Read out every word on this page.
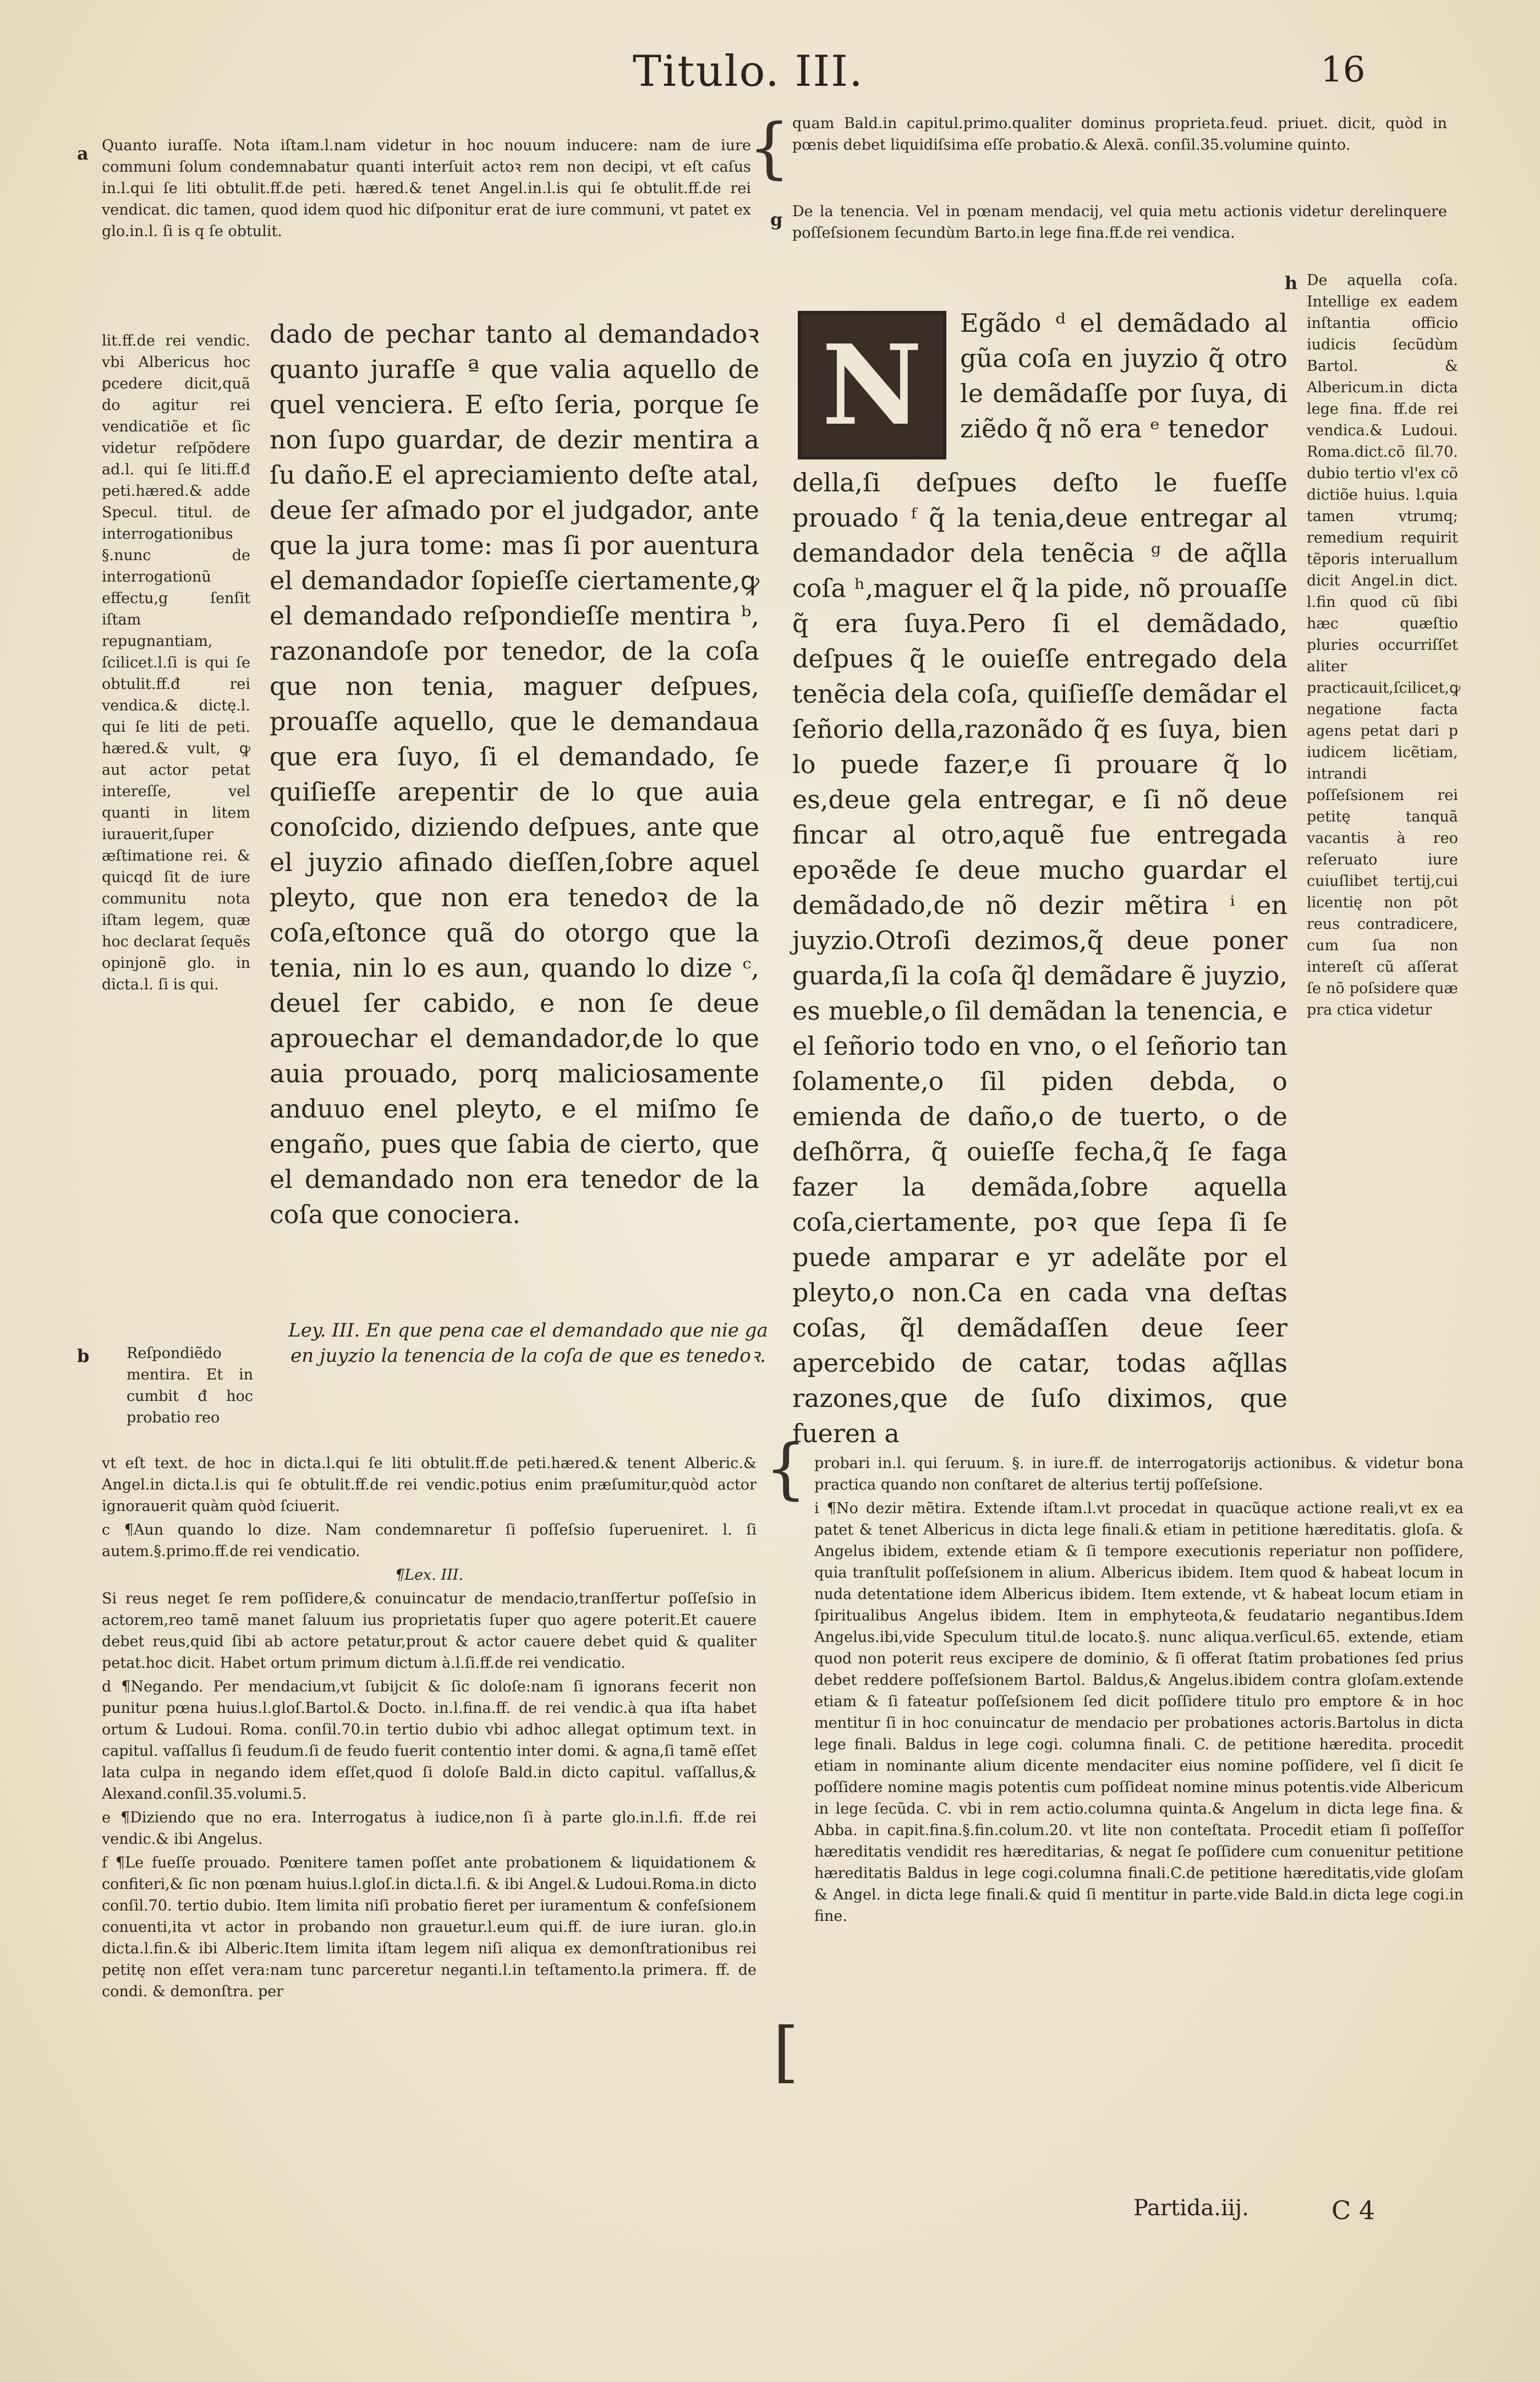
Titulo. III.	16
a Quanto iuraſſe. Nota iſtam.l.nam videtur in hoc nouum inducere: nam de iure communi ſolum condemnabatur quanti interſuit actoꝛ rem non decipi, vt eſt caſus in.l.qui ſe liti obtulit.ff.de peti. hæred.& tenet Angel.in.l.is qui ſe obtulit.ff.de rei vendicat. dic tamen, quod idem quod hic diſponitur erat de iure communi, vt patet ex glo.in.l. ſi is q ſe obtulit.
quam Bald.in capitul.primo.qualiter dominus proprieta.feud. priuet. dicit, quòd in pœnis debet liquidiſsima eſſe probatio.& Alexã. conſil.35.volumine quinto.
g De la tenencia. Vel in pœnam mendacij, vel quia metu actionis videtur derelinquere poſſeſsionem ſecundùm Barto.in lege fina.ff.de rei vendica.
lit.ff.de rei vendic. vbi Albericus hoc ꝑcedere dicit,quã do agitur rei vendicatiõe et ſic videtur reſpõdere ad.l. qui ſe liti.ff.đ peti.hæred.& adde Specul. titul. de interrogationibus §.nunc de interrogationũ effectu,g ſenſit iſtam repugnantiam, ſcilicet.l.ſi is qui ſe obtulit.ff.đ rei vendica.& dictę.l. qui ſe liti de peti. hæred.& vult, ꝙ aut actor petat intereſſe, vel quanti in litem iurauerit,ſuper æſtimatione rei. & quicqd ſit de iure communitu nota iſtam legem, quæ hoc declarat ſequẽs opinjonẽ glo. in dicta.l. ſi is qui.
b	Reſpondiẽdo mentira. Et in cumbit đ hoc probatio reo
dado de pechar tanto al demandadoꝛ quanto jurafſe ª que valia aquello de quel venciera. E eſto ſeria, porque ſe non ſupo guardar, de dezir mentira a ſu daño.E el apreciamiento deſte atal, deue ſer aſmado por el judgador, ante que la jura tome: mas ſi por auentura el demandador ſopieſſe ciertamente,ꝙ el demandado reſpondieſſe mentira ᵇ, razonandoſe por tenedor, de la coſa que non tenia, maguer deſpues, prouaſſe aquello, que le demandaua que era ſuyo, ſi el demandado, ſe quiſieſſe arepentir de lo que auia conoſcido, diziendo deſpues, ante que el juyzio afinado dieſſen,ſobre aquel pleyto, que non era tenedoꝛ de la coſa,eſtonce quã do otorgo que la tenia, nin lo es aun, quando lo dize ᶜ, deuel ſer cabido, e non ſe deue aprouechar el demandador,de lo que auia prouado, porq maliciosamente anduuo enel pleyto, e el miſmo ſe engaño, pues que ſabia de cierto, que el demandado non era tenedor de la coſa que conociera.
Ley. III. En que pena cae el demandado que nie ga en juyzio la tenencia de la coſa de que es tenedoꝛ.
N	Egãdo ᵈ el demãdado al gũa coſa en juyzio q̃ otro le demãdaſſe por ſuya, di ziẽdo q̃ nõ era ᵉ tenedor
della,ſi deſpues deſto le fueſſe prouado ᶠ q̃ la tenia,deue entregar al demandador dela tenẽcia ᵍ de aq̃lla coſa ʰ,maguer el q̃ la pide, nõ prouaſſe q̃ era ſuya.Pero ſi el demãdado, deſpues q̃ le ouieſſe entregado dela tenẽcia dela coſa, quiſieſſe demãdar el ſeñorio della,razonãdo q̃ es ſuya, bien lo puede fazer,e ſi prouare q̃ lo es,deue gela entregar, e ſi nõ deue fincar al otro,aquẽ fue entregada epoꝛẽde ſe deue mucho guardar el demãdado,de nõ dezir mẽtira ⁱ en juyzio.Otroſi dezimos,q̃ deue poner guarda,ſi la coſa q̃l demãdare ẽ juyzio, es mueble,o ſil demãdan la tenencia, e el ſeñorio todo en vno, o el ſeñorio tan ſolamente,o ſil piden debda, o emienda de daño,o de tuerto, o de deſhõrra, q̃ ouieſſe fecha,q̃ ſe faga fazer la demãda,ſobre aquella coſa,ciertamente, poꝛ que ſepa ſi ſe puede amparar e yr adelãte por el pleyto,o non.Ca en cada vna deſtas coſas, q̃l demãdaſſen deue ſeer apercebido de catar, todas aq̃llas razones,que de ſuſo diximos, que fueren a
h De aquella coſa. Intellige ex eadem inſtantia officio iudicis ſecũdùm Bartol. & Albericum.in dicta lege fina. ff.de rei vendica.& Ludoui. Roma.dict.cõ ſil.70. dubio tertio vl'ex cõ dictiõe huius. l.quia tamen vtrumq; remedium requirit tẽporis interuallum dicit Angel.in dict. l.fin quod cũ ſibi hæc quæſtio pluries occurriſſet aliter practicauit,ſcilicet,ꝙ negatione facta agens petat dari p iudicem licẽtiam, intrandi poſſeſsionem rei petitę tanquã vacantis à reo reſeruato iure cuiuſlibet tertij,cui licentię non põt reus contradicere, cum ſua non intereſt cũ aſſerat ſe nõ poſsidere quæ pra ctica videtur

vt eſt text. de hoc in dicta.l.qui ſe liti obtulit.ff.de peti.hæred.& tenent Alberic.& Angel.in dicta.l.is qui ſe obtulit.ff.de rei vendic.potius enim præſumitur,quòd actor ignorauerit quàm quòd ſciuerit.

c ¶Aun quando lo dize. Nam condemnaretur ſi poſſeſsio ſuperueniret. l. ſi autem.§.primo.ff.de rei vendicatio.

¶Lex. III.

Si reus neget ſe rem poſſidere,& conuincatur de mendacio,tranſfertur poſſeſsio in actorem,reo tamẽ manet ſaluum ius proprietatis ſuper quo agere poterit.Et cauere debet reus,quid ſibi ab actore petatur,prout & actor cauere debet quid & qualiter petat.hoc dicit. Habet ortum primum dictum à.l.ſi.ff.de rei vendicatio.

d ¶Negando. Per mendacium,vt ſubijcit & ſic doloſe:nam ſi ignorans fecerit non punitur pœna huius.l.gloſ.Bartol.& Docto. in.l.fina.ff. de rei vendic.à qua iſta habet ortum & Ludoui. Roma. conſil.70.in tertio dubio vbi adhoc allegat optimum text. in capitul. vaſſallus ſi feudum.ſi de feudo fuerit contentio inter domi. & agna,ſi tamẽ eſſet lata culpa in negando idem eſſet,quod ſi doloſe Bald.in dicto capitul. vaſſallus,& Alexand.conſil.35.volumi.5.

e ¶Diziendo que no era. Interrogatus à iudice,non ſi à parte glo.in.l.fi. ff.de rei vendic.& ibi Angelus.

f ¶Le fueſſe prouado. Pœnitere tamen poſſet ante probationem & liquidationem & confiteri,& ſic non pœnam huius.l.gloſ.in dicta.l.fi. & ibi Angel.& Ludoui.Roma.in dicto conſil.70. tertio dubio. Item limita niſi probatio fieret per iuramentum & confeſsionem conuenti,ita vt actor in probando non grauetur.l.eum qui.ff. de iure iuran. glo.in dicta.l.fin.& ibi Alberic.Item limita iſtam legem niſi aliqua ex demonſtrationibus rei petitę non eſſet vera:nam tunc parceretur neganti.l.in teſtamento.la primera. ff. de condi. & demonſtra. per

probari in.l. qui ſeruum. §. in iure.ff. de interrogatorijs actionibus. & videtur bona practica quando non conſtaret de alterius tertij poſſeſsione.

i ¶No dezir mẽtira. Extende iſtam.l.vt procedat in quacũque actione reali,vt ex ea patet & tenet Albericus in dicta lege finali.& etiam in petitione hæreditatis. gloſa. & Angelus ibidem, extende etiam & ſi tempore executionis reperiatur non poſſidere, quia tranſtulit poſſeſsionem in alium. Albericus ibidem. Item quod & habeat locum in nuda detentatione idem Albericus ibidem. Item extende, vt & habeat locum etiam in ſpiritualibus Angelus ibidem. Item in emphyteota,& feudatario negantibus.Idem Angelus.ibi,vide Speculum titul.de locato.§. nunc aliqua.verſicul.65. extende, etiam quod non poterit reus excipere de dominio, & ſi offerat ſtatim probationes ſed prius debet reddere poſſeſsionem Bartol. Baldus,& Angelus.ibidem contra gloſam.extende etiam & ſi fateatur poſſeſsionem ſed dicit poſſidere titulo pro emptore & in hoc mentitur ſi in hoc conuincatur de mendacio per probationes actoris.Bartolus in dicta lege finali. Baldus in lege cogi. columna finali. C. de petitione hæredita. procedit etiam in nominante alium dicente mendaciter eius nomine poſſidere, vel ſi dicit ſe poſſidere nomine magis potentis cum poſſideat nomine minus potentis.vide Albericum in lege ſecũda. C. vbi in rem actio.columna quinta.& Angelum in dicta lege fina. & Abba. in capit.fina.§.fin.colum.20. vt lite non conteſtata. Procedit etiam ſi poſſeſſor hæreditatis vendidit res hæreditarias, & negat ſe poſſidere cum conuenitur petitione hæreditatis Baldus in lege cogi.columna finali.C.de petitione hæreditatis,vide gloſam & Angel. in dicta lege finali.& quid ſi mentitur in parte.vide Bald.in dicta lege cogi.in fine.

{
{
[
Partida.iij.	C 4
